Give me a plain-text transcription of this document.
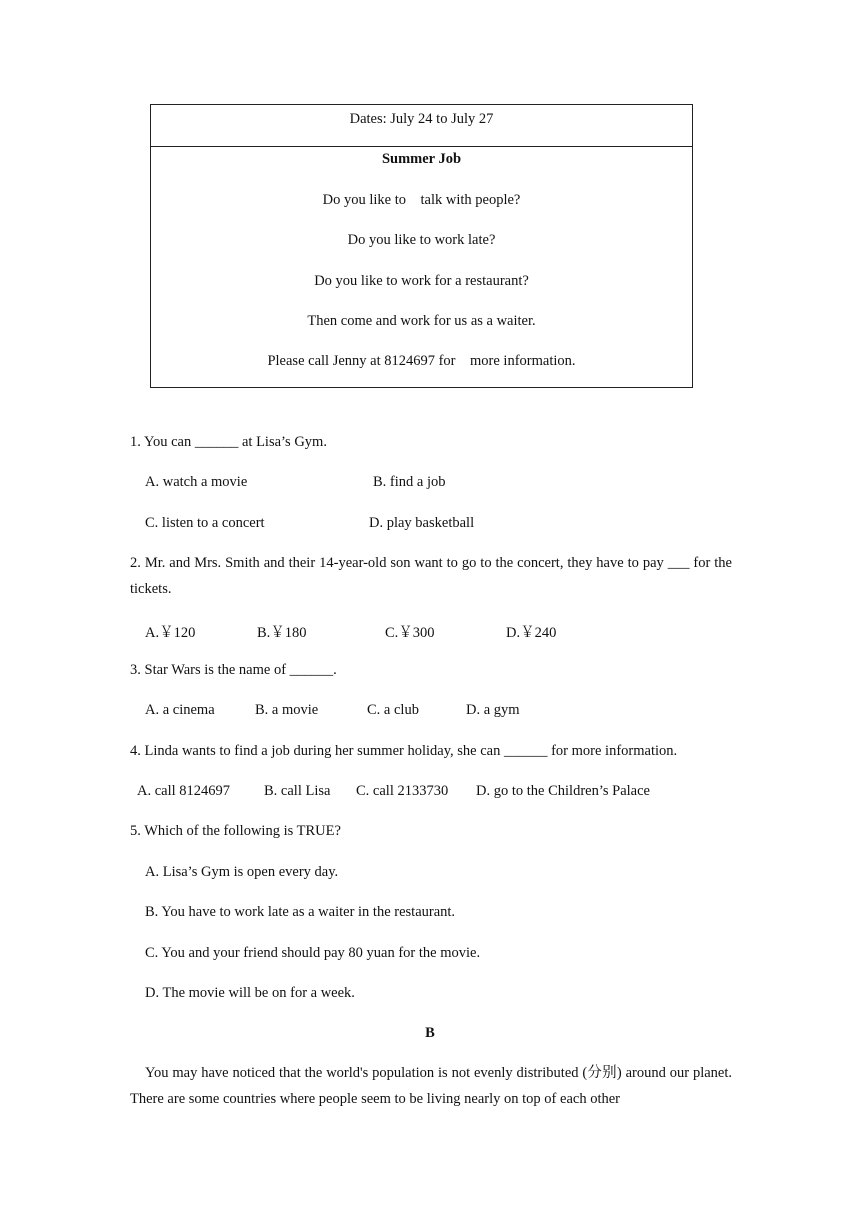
Dates: July 24 to July 27
Summer Job
Do you like to    talk with people?
Do you like to work late?
Do you like to work for a restaurant?
Then come and work for us as a waiter.
Please call Jenny at 8124697 for    more information.
1. You can ______ at Lisa’s Gym.
A. watch a movie	B. find a job
C. listen to a concert	D. play basketball
2. Mr. and Mrs. Smith and their 14-year-old son want to go to the concert, they have to pay ___ for the tickets.
A.￥120	B.￥180	C.￥300	D.￥240
3. Star Wars is the name of ______.
A. a cinema	B. a movie	C. a club	D. a gym
4. Linda wants to find a job during her summer holiday, she can ______ for more information.
A. call 8124697 B. call Lisa C. call 2133730 D. go to the Children’s Palace
5. Which of the following is TRUE?
A. Lisa’s Gym is open every day.
B. You have to work late as a waiter in the restaurant.
C. You and your friend should pay 80 yuan for the movie.
D. The movie will be on for a week.
B
You may have noticed that the world's population is not evenly distributed (分别) around our planet. There are some countries where people seem to be living nearly on top of each other
